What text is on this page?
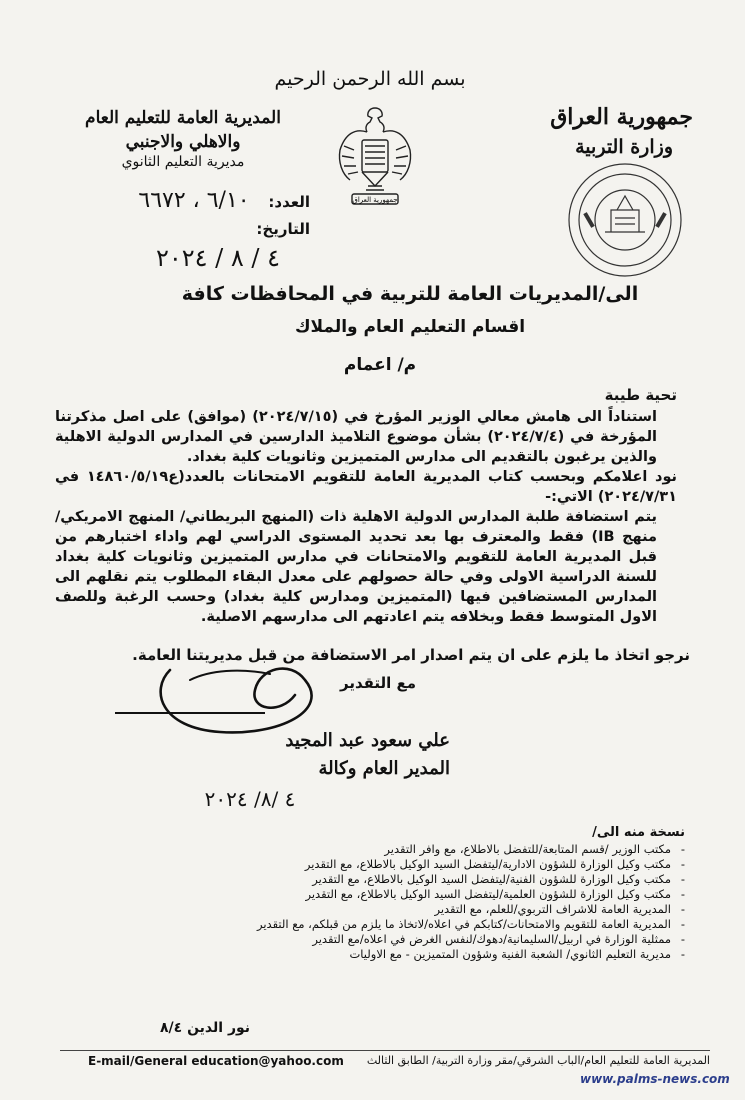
بسم الله الرحمن الرحيم
جمهورية العراق
وزارة التربية
المديرية العامة للتعليم العام
والاهلي والاجنبي
مديرية التعليم الثانوي
جمهورية العراق
العدد: ٦/١٠ ، ٦٦٧٢
التاريخ:
٤ / ٨ / ٢٠٢٤
الى/المديريات العامة للتربية في المحافظات كافة
اقسام التعليم العام والملاك
م/ اعمام
تحية طيبة

استناداً الى هامش معالي الوزير المؤرخ في (٢٠٢٤/٧/١٥) (موافق) على اصل مذكرتنا المؤرخة في (٢٠٢٤/٧/٤) بشأن موضوع التلاميذ الدارسين في المدارس الدولية الاهلية والذين يرغبون بالتقديم الى مدارس المتميزين وثانويات كلية بغداد.

نود اعلامكم وبحسب كتاب المديرية العامة للتقويم الامتحانات بالعدد(ع١٤٨٦٠/٥/١٩ في ٢٠٢٤/٧/٣١) الاتي:-

يتم استضافة طلبة المدارس الدولية الاهلية ذات (المنهج البريطاني/ المنهج الامريكي/ منهج IB) فقط والمعترف بها بعد تحديد المستوى الدراسي لهم واداء اختبارهم من قبل المديرية العامة للتقويم والامتحانات في مدارس المتميزين وثانويات كلية بغداد للسنة الدراسية الاولى وفي حالة حصولهم على معدل البقاء المطلوب يتم نقلهم الى المدارس المستضافين فيها (المتميزين ومدارس كلية بغداد) وحسب الرغبة وللصف الاول المتوسط فقط وبخلافه يتم اعادتهم الى مدارسهم الاصلية.

نرجو اتخاذ ما يلزم على ان يتم اصدار امر الاستضافة من قبل مديريتنا العامة.
مع التقدير
علي سعود عبد المجيد
المدير العام وكالة
٤ /٨/ ٢٠٢٤
نسخة منه الى/
- مكتب الوزير /قسم المتابعة/للتفضل بالاطلاع، مع وافر التقدير
- مكتب وكيل الوزارة للشؤون الادارية/ليتفضل السيد الوكيل بالاطلاع، مع التقدير
- مكتب وكيل الوزارة للشؤون الفنية/ليتفضل السيد الوكيل بالاطلاع، مع التقدير
- مكتب وكيل الوزارة للشؤون العلمية/ليتفضل السيد الوكيل بالاطلاع، مع التقدير
- المديرية العامة للاشراف التربوي/للعلم، مع التقدير
- المديرية العامة للتقويم والامتحانات/كتابكم في اعلاه/لاتخاذ ما يلزم من قبلكم، مع التقدير
- ممثلية الوزارة في اربيل/السليمانية/دهوك/لنفس الغرض في اعلاه/مع التقدير
- مديرية التعليم الثانوي/ الشعبة الفنية وشؤون المتميزين - مع الاوليات
نور الدين ٨/٤
المديرية العامة للتعليم العام/الباب الشرقي/مقر وزارة التربية/ الطابق الثالث
E-mail/General education@yahoo.com
www.palms-news.com
